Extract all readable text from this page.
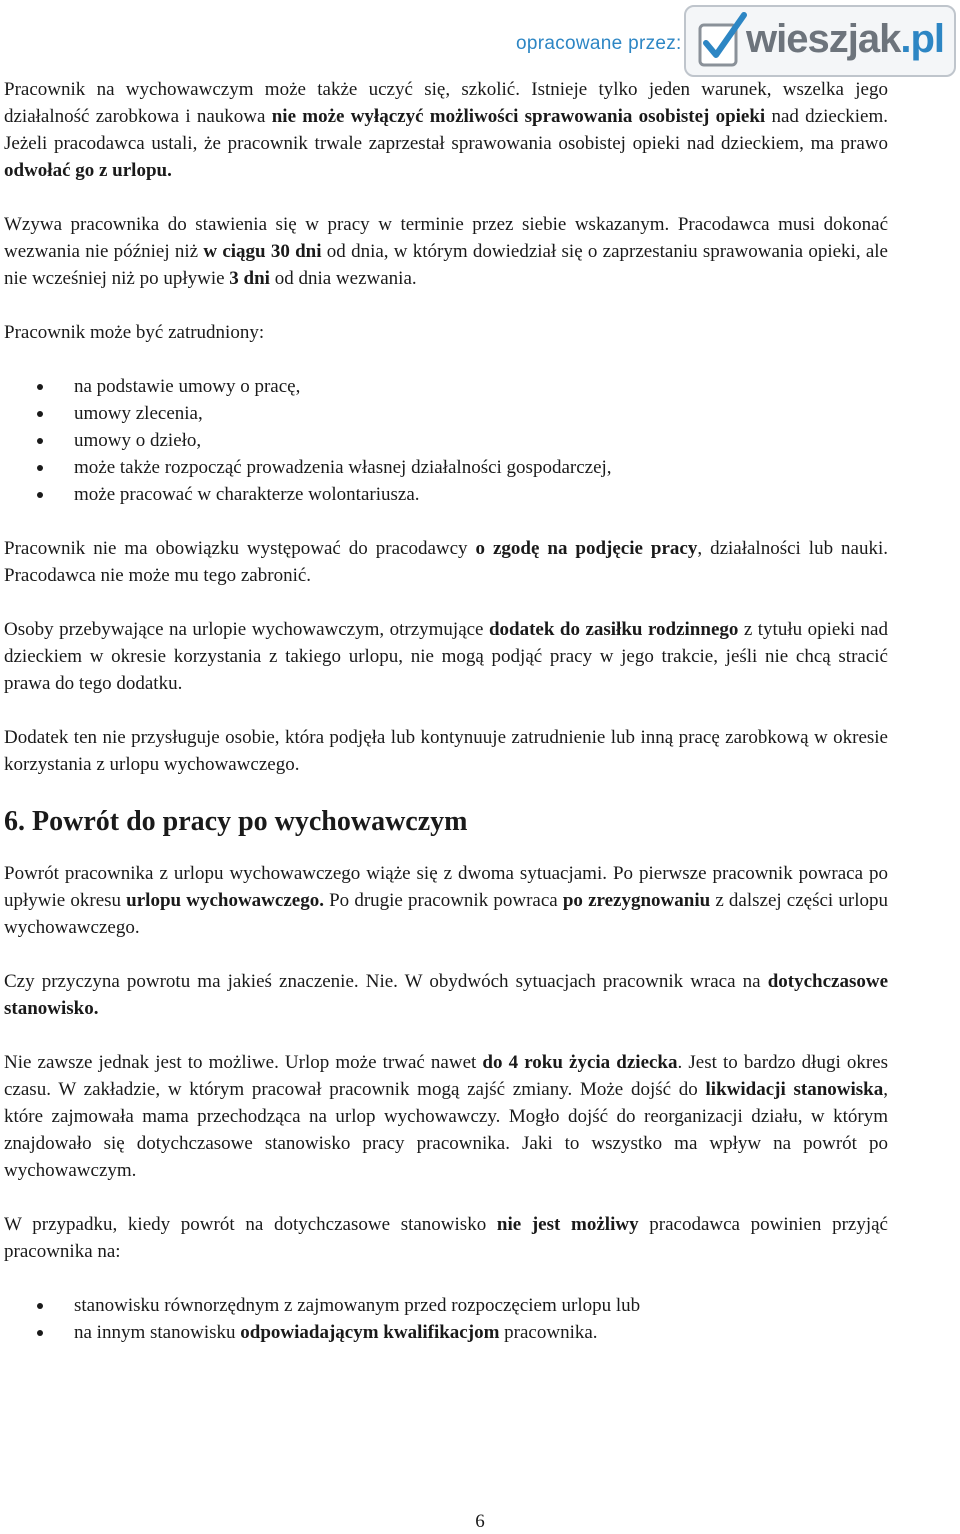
opracowane przez: wieszjak.pl

Pracownik na wychowawczym może także uczyć się, szkolić. Istnieje tylko jeden warunek, wszelka jego działalność zarobkowa i naukowa nie może wyłączyć możliwości sprawowania osobistej opieki nad dzieckiem. Jeżeli pracodawca ustali, że pracownik trwale zaprzestał sprawowania osobistej opieki nad dzieckiem, ma prawo odwołać go z urlopu.

Wzywa pracownika do stawienia się w pracy w terminie przez siebie wskazanym. Pracodawca musi dokonać wezwania nie później niż w ciągu 30 dni od dnia, w którym dowiedział się o zaprzestaniu sprawowania opieki, ale nie wcześniej niż po upływie 3 dni od dnia wezwania.

Pracownik może być zatrudniony:

na podstawie umowy o pracę,
umowy zlecenia,
umowy o dzieło,
może także rozpocząć prowadzenia własnej działalności gospodarczej,
może pracować w charakterze wolontariusza.

Pracownik nie ma obowiązku występować do pracodawcy o zgodę na podjęcie pracy, działalności lub nauki. Pracodawca nie może mu tego zabronić.

Osoby przebywające na urlopie wychowawczym, otrzymujące dodatek do zasiłku rodzinnego z tytułu opieki nad dzieckiem w okresie korzystania z takiego urlopu, nie mogą podjąć pracy w jego trakcie, jeśli nie chcą stracić prawa do tego dodatku.

Dodatek ten nie przysługuje osobie, która podjęła lub kontynuuje zatrudnienie lub inną pracę zarobkową w okresie korzystania z urlopu wychowawczego.

6. Powrót do pracy po wychowawczym

Powrót pracownika z urlopu wychowawczego wiąże się z dwoma sytuacjami. Po pierwsze pracownik powraca po upływie okresu urlopu wychowawczego. Po drugie pracownik powraca po zrezygnowaniu z dalszej części urlopu wychowawczego.

Czy przyczyna powrotu ma jakieś znaczenie. Nie. W obydwóch sytuacjach pracownik wraca na dotychczasowe stanowisko.

Nie zawsze jednak jest to możliwe. Urlop może trwać nawet do 4 roku życia dziecka. Jest to bardzo długi okres czasu. W zakładzie, w którym pracował pracownik mogą zajść zmiany. Może dojść do likwidacji stanowiska, które zajmowała mama przechodząca na urlop wychowawczy. Mogło dojść do reorganizacji działu, w którym znajdowało się dotychczasowe stanowisko pracy pracownika. Jaki to wszystko ma wpływ na powrót po wychowawczym.

W przypadku, kiedy powrót na dotychczasowe stanowisko nie jest możliwy pracodawca powinien przyjąć pracownika na:

stanowisku równorzędnym z zajmowanym przed rozpoczęciem urlopu lub
na innym stanowisku odpowiadającym kwalifikacjom pracownika.
6
